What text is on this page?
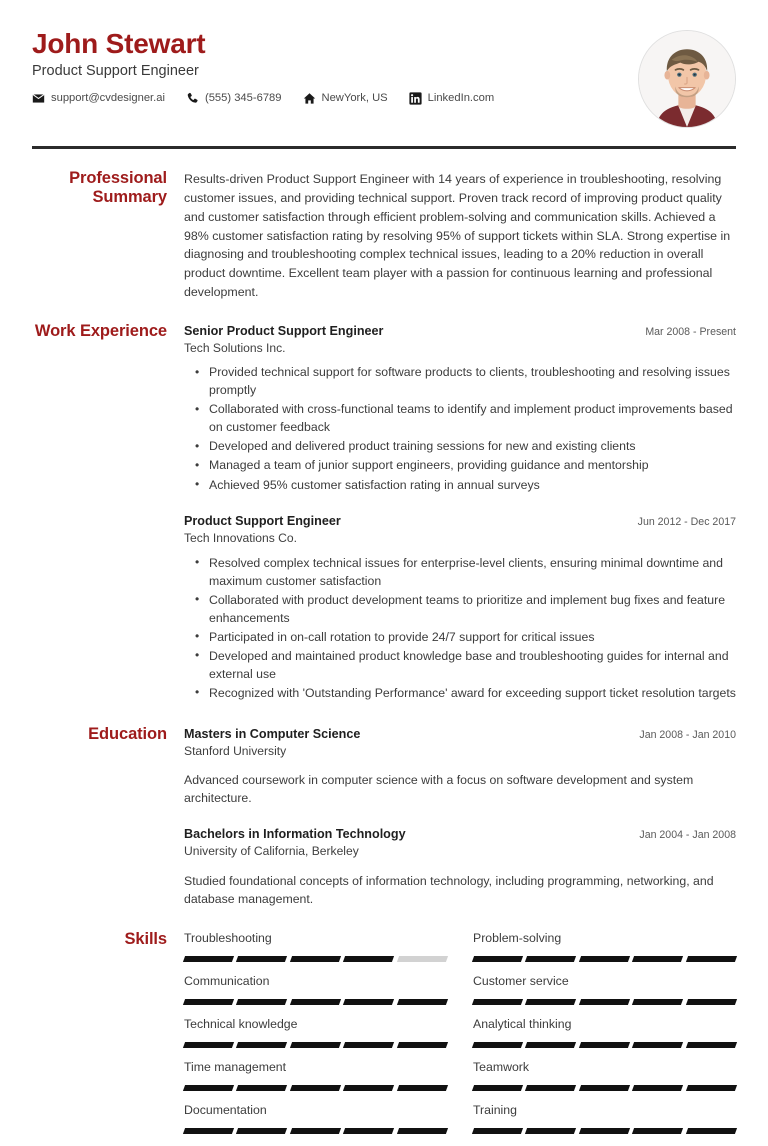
John Stewart
Product Support Engineer
support@cvdesigner.ai	(555) 345-6789	NewYork, US	LinkedIn.com
Professional Summary

Results-driven Product Support Engineer with 14 years of experience in troubleshooting, resolving customer issues, and providing technical support. Proven track record of improving product quality and customer satisfaction through efficient problem-solving and communication skills. Achieved a 98% customer satisfaction rating by resolving 95% of support tickets within SLA. Strong expertise in diagnosing and troubleshooting complex technical issues, leading to a 20% reduction in overall product downtime. Excellent team player with a passion for continuous learning and professional development.

Work Experience	Senior Product Support Engineer	Mar 2008 - Present
Tech Solutions Inc.
• Provided technical support for software products to clients, troubleshooting and resolving issues promptly
• Collaborated with cross-functional teams to identify and implement product improvements based on customer feedback
• Developed and delivered product training sessions for new and existing clients
• Managed a team of junior support engineers, providing guidance and mentorship
• Achieved 95% customer satisfaction rating in annual surveys
Product Support Engineer	Jun 2012 - Dec 2017
Tech Innovations Co.
• Resolved complex technical issues for enterprise-level clients, ensuring minimal downtime and maximum customer satisfaction
• Collaborated with product development teams to prioritize and implement bug fixes and feature enhancements
• Participated in on-call rotation to provide 24/7 support for critical issues
• Developed and maintained product knowledge base and troubleshooting guides for internal and external use
• Recognized with 'Outstanding Performance' award for exceeding support ticket resolution targets
Education	Masters in Computer Science	Jan 2008 - Jan 2010
Stanford University
Advanced coursework in computer science with a focus on software development and system architecture.
Bachelors in Information Technology	Jan 2004 - Jan 2008
University of California, Berkeley
Studied foundational concepts of information technology, including programming, networking, and database management.
Skills	Troubleshooting	Problem-solving
Communication	Customer service
Technical knowledge	Analytical thinking
Time management	Teamwork
Documentation	Training
